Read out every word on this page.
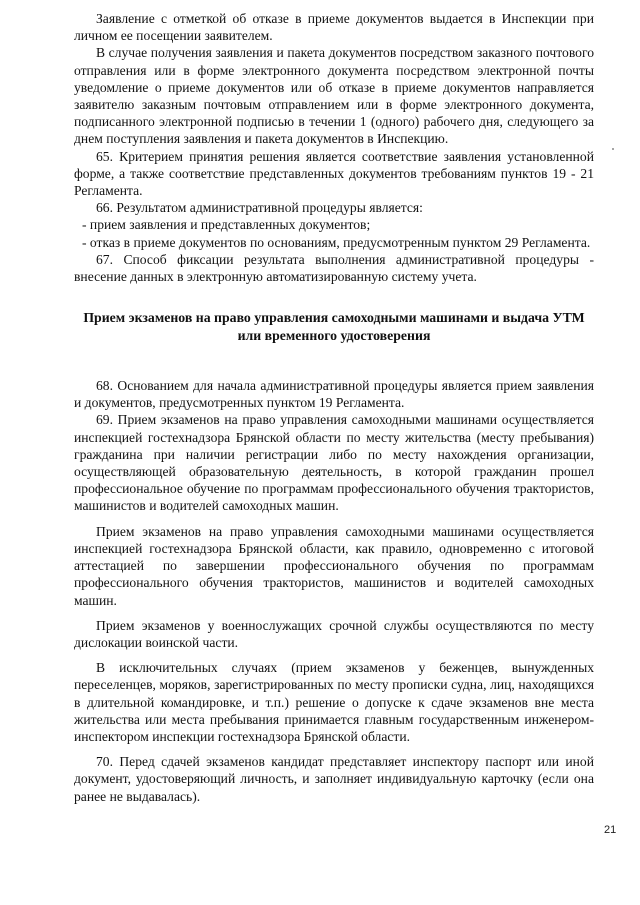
Заявление с отметкой об отказе в приеме документов выдается в Инспекции при личном ее посещении заявителем.

В случае получения заявления и пакета документов посредством заказного почтового отправления или в форме электронного документа посредством электронной почты уведомление о приеме документов или об отказе в приеме документов направляется заявителю заказным почтовым отправлением или в форме электронного документа, подписанного электронной подписью в течении 1 (одного) рабочего дня, следующего за днем поступления заявления и пакета документов в Инспекцию.

65. Критерием принятия решения является соответствие заявления установленной форме, а также соответствие представленных документов требованиям пунктов 19 - 21 Регламента.

66. Результатом административной процедуры является:

- прием заявления и представленных документов;

- отказ в приеме документов по основаниям, предусмотренным пунктом 29 Регламента.

67. Способ фиксации результата выполнения административной процедуры - внесение данных в электронную автоматизированную систему учета.

Прием экзаменов на право управления самоходными машинами и выдача УТМ или временного удостоверения

68. Основанием для начала административной процедуры является прием заявления и документов, предусмотренных пунктом 19 Регламента.

69. Прием экзаменов на право управления самоходными машинами осуществляется инспекцией гостехнадзора Брянской области по месту жительства (месту пребывания) гражданина при наличии регистрации либо по месту нахождения организации, осуществляющей образовательную деятельность, в которой гражданин прошел профессиональное обучение по программам профессионального обучения трактористов, машинистов и водителей самоходных машин.

Прием экзаменов на право управления самоходными машинами осуществляется инспекцией гостехнадзора Брянской области, как правило, одновременно с итоговой аттестацией по завершении профессионального обучения по программам профессионального обучения трактористов, машинистов и водителей самоходных машин.

Прием экзаменов у военнослужащих срочной службы осуществляются по месту дислокации воинской части.

В исключительных случаях (прием экзаменов у беженцев, вынужденных переселенцев, моряков, зарегистрированных по месту прописки судна, лиц, находящихся в длительной командировке, и т.п.) решение о допуске к сдаче экзаменов вне места жительства или места пребывания принимается главным государственным инженером-инспектором инспекции гостехнадзора Брянской области.

70. Перед сдачей экзаменов кандидат представляет инспектору паспорт или иной документ, удостоверяющий личность, и заполняет индивидуальную карточку (если она ранее не выдавалась).

21
